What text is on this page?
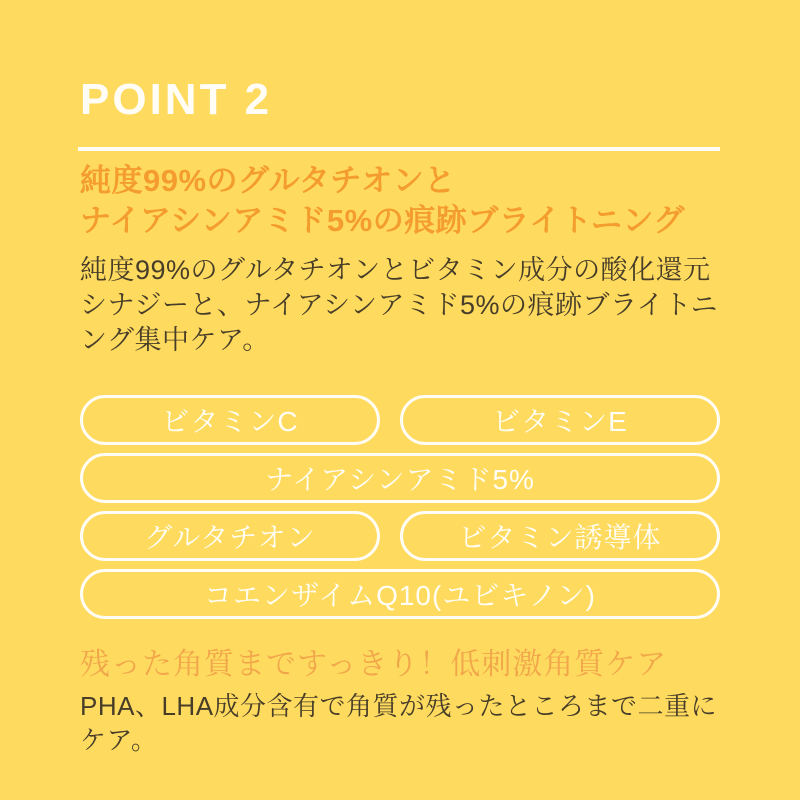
POINT 2
純度99%のグルタチオンと
ナイアシンアミド5%の痕跡ブライトニング
純度99%のグルタチオンとビタミン成分の酸化還元シナジーと、ナイアシンアミド5%の痕跡ブライトニング集中ケア。
ビタミンC	ビタミンE
ナイアシンアミド5%
グルタチオン	ビタミン誘導体
コエンザイムQ10(ユビキノン)
残った角質まですっきり！低刺激角質ケア
PHA、LHA成分含有で角質が残ったところまで二重にケア。
